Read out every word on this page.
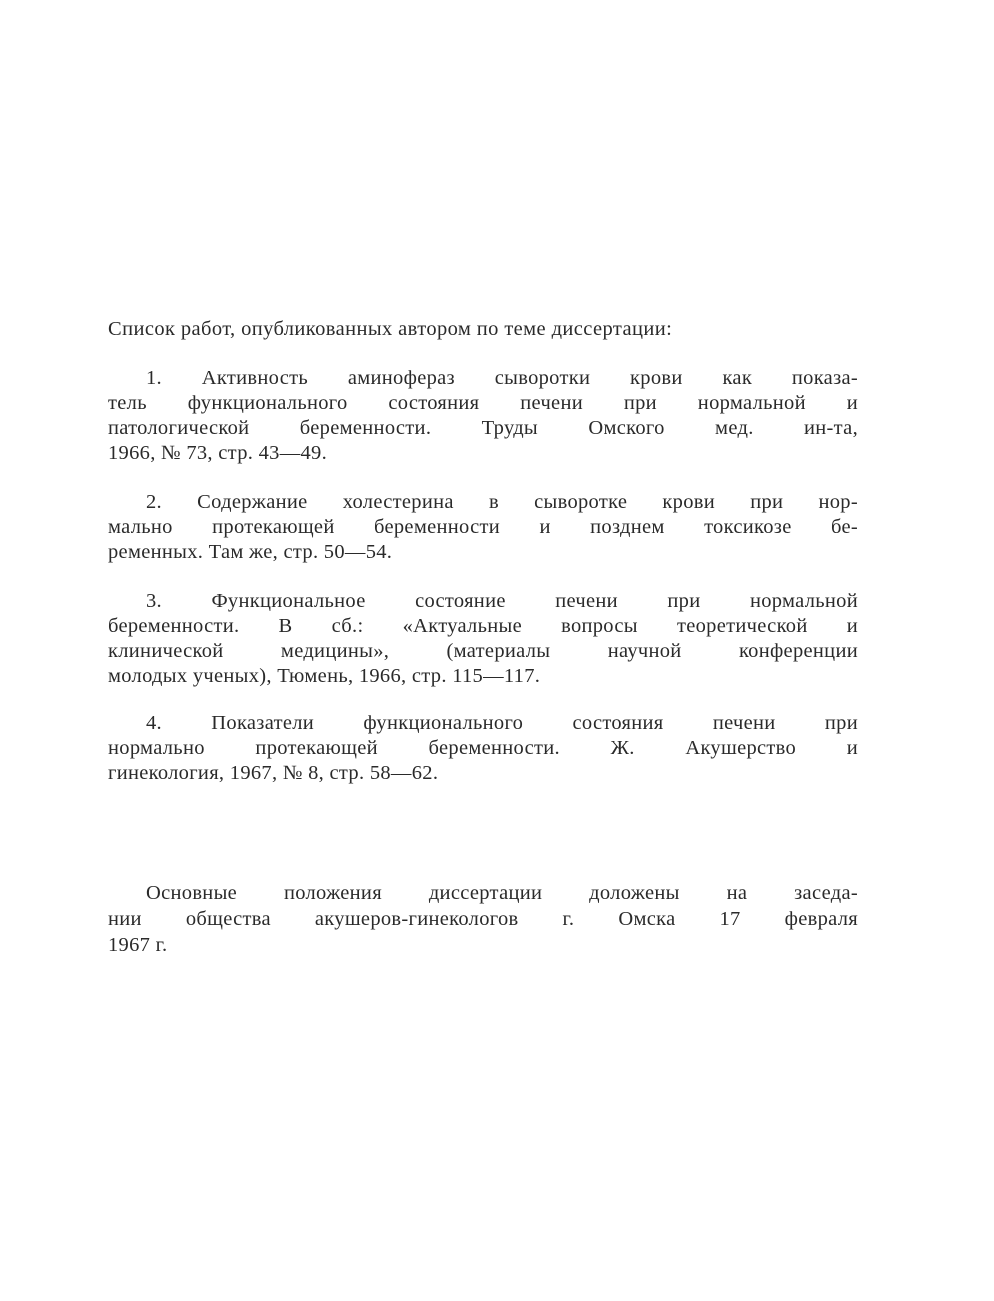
Список работ, опубликованных автором по теме диссертации:
1. Активность аминофераз сыворотки крови как показа-
тель функционального состояния печени при нормальной и
патологической беременности. Труды Омского мед. ин-та,
1966, № 73, стр. 43—49.
2. Содержание холестерина в сыворотке крови при нор-
мально протекающей беременности и позднем токсикозе бе-
ременных. Там же, стр. 50—54.
3. Функциональное состояние печени при нормальной
беременности. В сб.: «Актуальные вопросы теоретической и
клинической медицины», (материалы научной конференции
молодых ученых), Тюмень, 1966, стр. 115—117.
4. Показатели функционального состояния печени при
нормально протекающей беременности. Ж. Акушерство и
гинекология, 1967, № 8, стр. 58—62.
Основные положения диссертации доложены на заседа-
нии общества акушеров-гинекологов г. Омска 17 февраля
1967 г.
